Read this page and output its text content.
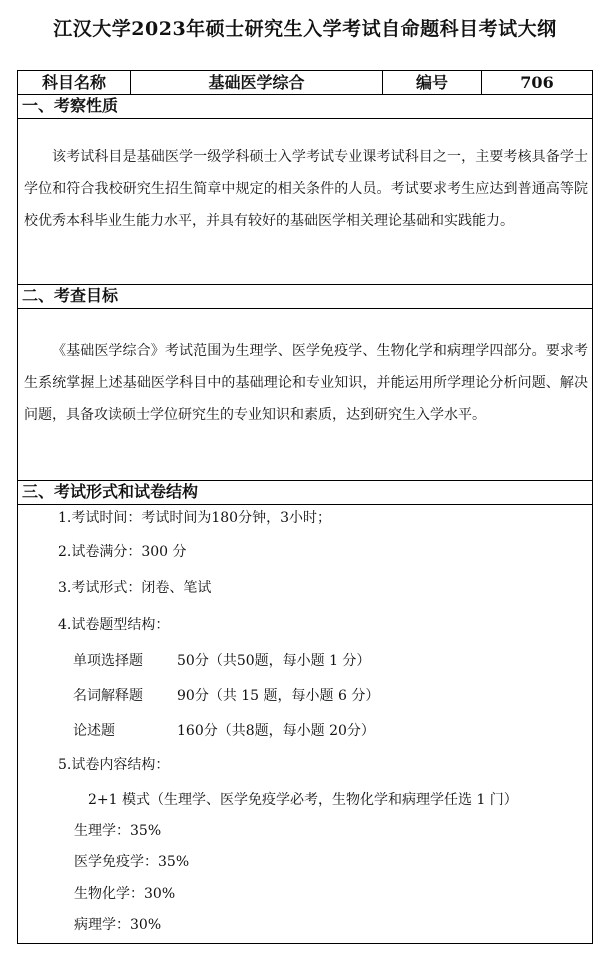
江汉大学2023年硕士研究生入学考试自命题科目考试大纲
科目名称	基础医学综合	编号	706
一、考察性质

该考试科目是基础医学一级学科硕士入学考试专业课考试科目之一，主要考核具备学士学位和符合我校研究生招生简章中规定的相关条件的人员。考试要求考生应达到普通高等院校优秀本科毕业生能力水平，并具有较好的基础医学相关理论基础和实践能力。

二、考查目标

《基础医学综合》考试范围为生理学、医学免疫学、生物化学和病理学四部分。要求考生系统掌握上述基础医学科目中的基础理论和专业知识，并能运用所学理论分析问题、解决问题，具备攻读硕士学位研究生的专业知识和素质，达到研究生入学水平。

三、考试形式和试卷结构
1.考试时间：考试时间为180分钟，3小时；
2.试卷满分：300 分
3.考试形式：闭卷、笔试
4.试卷题型结构：
单项选择题 50分（共50题，每小题 1 分）
名词解释题 90分（共 15 题，每小题 6 分）
论述题	160分（共8题，每小题 20分）
5.试卷内容结构：
2+1 模式（生理学、医学免疫学必考，生物化学和病理学任选 1 门）
生理学：35%
医学免疫学：35%
生物化学：30%
病理学：30%
